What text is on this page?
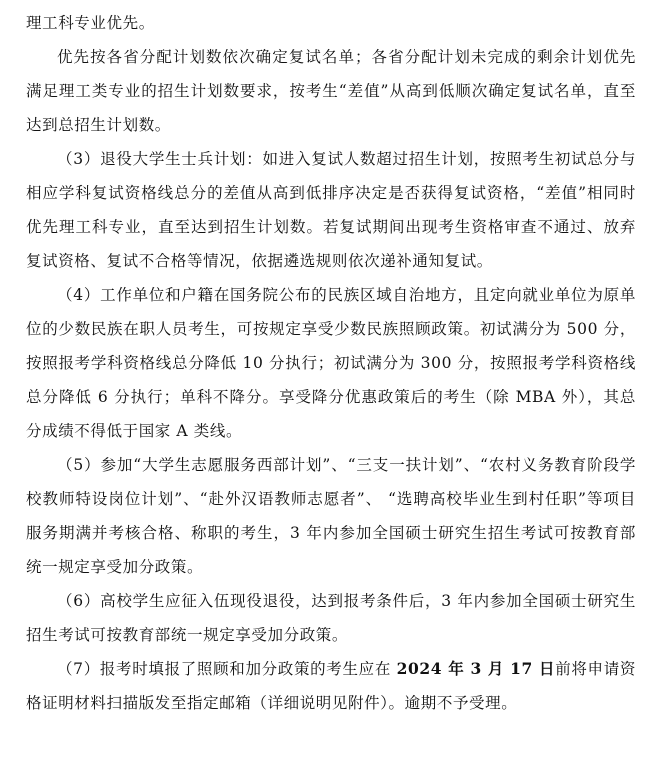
理工科专业优先。

优先按各省分配计划数依次确定复试名单；各省分配计划未完成的剩余计划优先满足理工类专业的招生计划数要求，按考生“差值”从高到低顺次确定复试名单，直至达到总招生计划数。

（3）退役大学生士兵计划：如进入复试人数超过招生计划，按照考生初试总分与相应学科复试资格线总分的差值从高到低排序决定是否获得复试资格，“差值”相同时优先理工科专业，直至达到招生计划数。若复试期间出现考生资格审查不通过、放弃复试资格、复试不合格等情况，依据遴选规则依次递补通知复试。

（4）工作单位和户籍在国务院公布的民族区域自治地方，且定向就业单位为原单位的少数民族在职人员考生，可按规定享受少数民族照顾政策。初试满分为 500 分，按照报考学科资格线总分降低 10 分执行；初试满分为 300 分，按照报考学科资格线总分降低 6 分执行；单科不降分。享受降分优惠政策后的考生（除 MBA 外），其总分成绩不得低于国家 A 类线。

（5）参加“大学生志愿服务西部计划”、“三支一扶计划”、“农村义务教育阶段学校教师特设岗位计划”、“赴外汉语教师志愿者”、 “选聘高校毕业生到村任职”等项目服务期满并考核合格、称职的考生，3 年内参加全国硕士研究生招生考试可按教育部统一规定享受加分政策。

（6）高校学生应征入伍现役退役，达到报考条件后，3 年内参加全国硕士研究生招生考试可按教育部统一规定享受加分政策。

（7）报考时填报了照顾和加分政策的考生应在 2024 年 3 月 17 日前将申请资格证明材料扫描版发至指定邮箱（详细说明见附件）。逾期不予受理。
